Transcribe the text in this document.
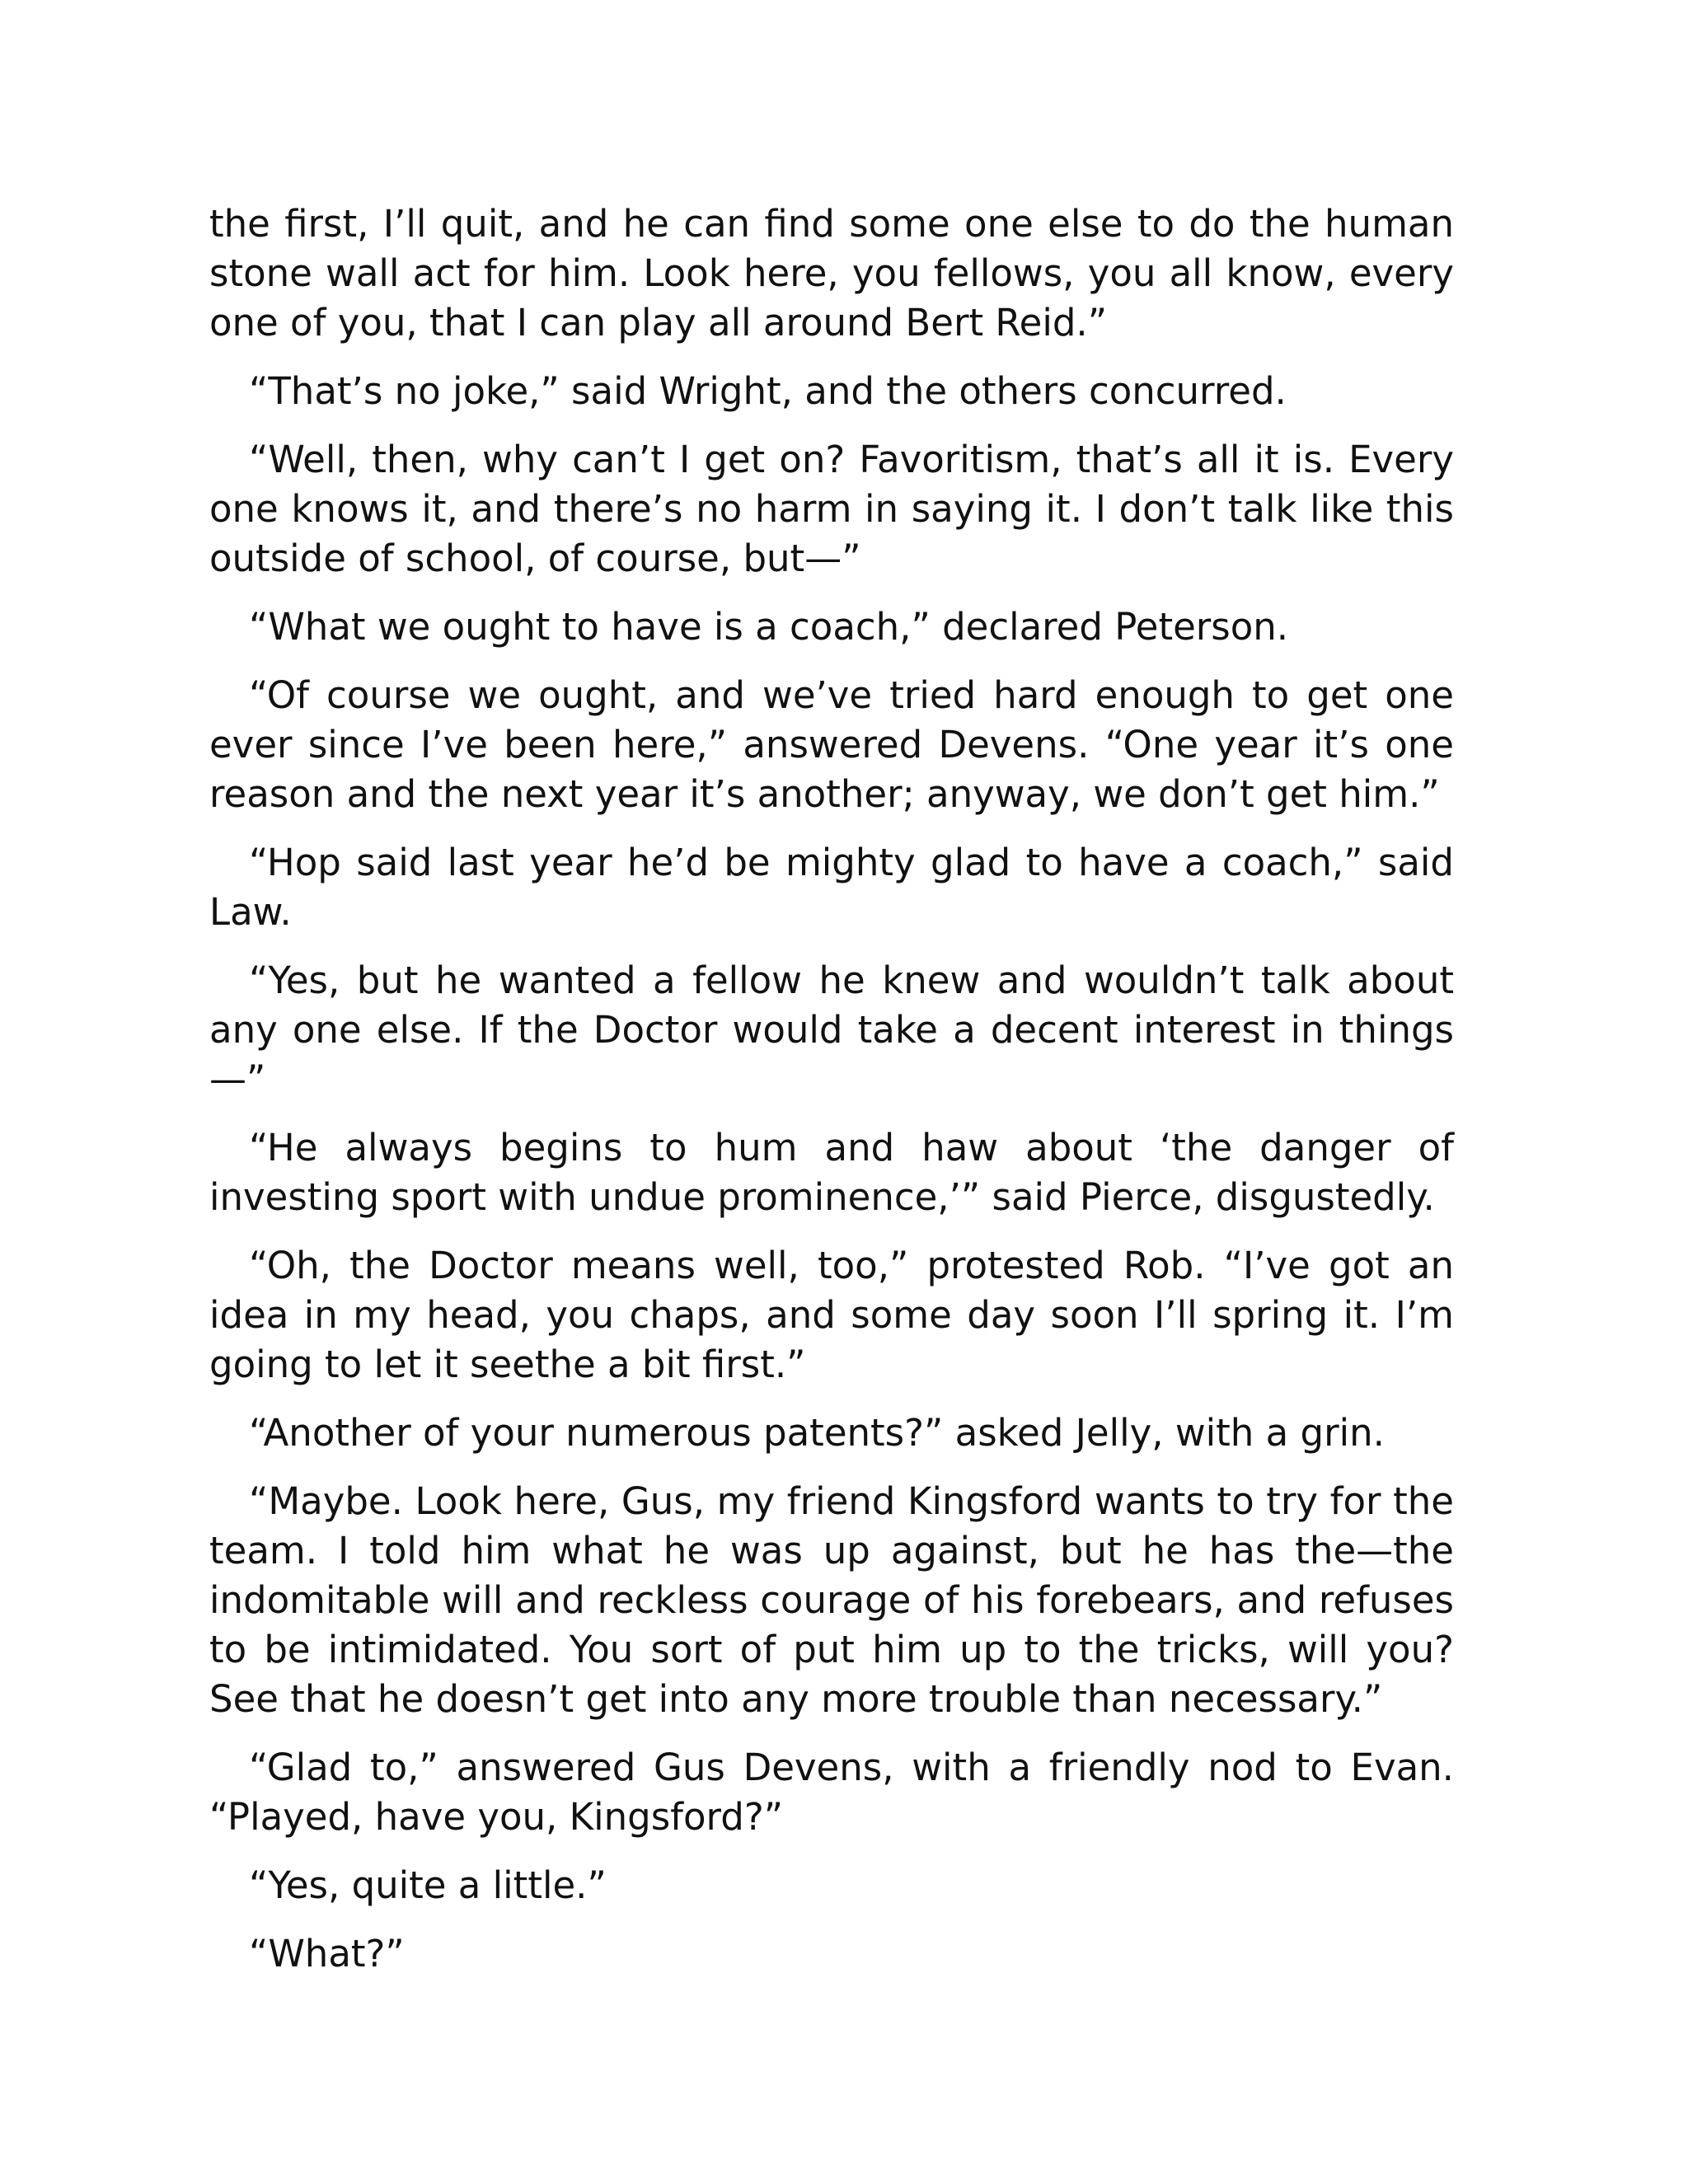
the first, I’ll quit, and he can find some one else to do the human stone wall act for him. Look here, you fellows, you all know, every one of you, that I can play all around Bert Reid.”

“That’s no joke,” said Wright, and the others concurred.

“Well, then, why can’t I get on? Favoritism, that’s all it is. Every one knows it, and there’s no harm in saying it. I don’t talk like this outside of school, of course, but—”

“What we ought to have is a coach,” declared Peterson.

“Of course we ought, and we’ve tried hard enough to get one ever since I’ve been here,” answered Devens. “One year it’s one reason and the next year it’s another; anyway, we don’t get him.”

“Hop said last year he’d be mighty glad to have a coach,” said Law.

“Yes, but he wanted a fellow he knew and wouldn’t talk about any one else. If the Doctor would take a decent interest in things—”

“He always begins to hum and haw about ‘the danger of investing sport with undue prominence,’” said Pierce, disgustedly.

“Oh, the Doctor means well, too,” protested Rob. “I’ve got an idea in my head, you chaps, and some day soon I’ll spring it. I’m going to let it seethe a bit first.”

“Another of your numerous patents?” asked Jelly, with a grin.

“Maybe. Look here, Gus, my friend Kingsford wants to try for the team. I told him what he was up against, but he has the—the indomitable will and reckless courage of his forebears, and refuses to be intimidated. You sort of put him up to the tricks, will you? See that he doesn’t get into any more trouble than necessary.”

“Glad to,” answered Gus Devens, with a friendly nod to Evan. “Played, have you, Kingsford?”

“Yes, quite a little.”

“What?”
